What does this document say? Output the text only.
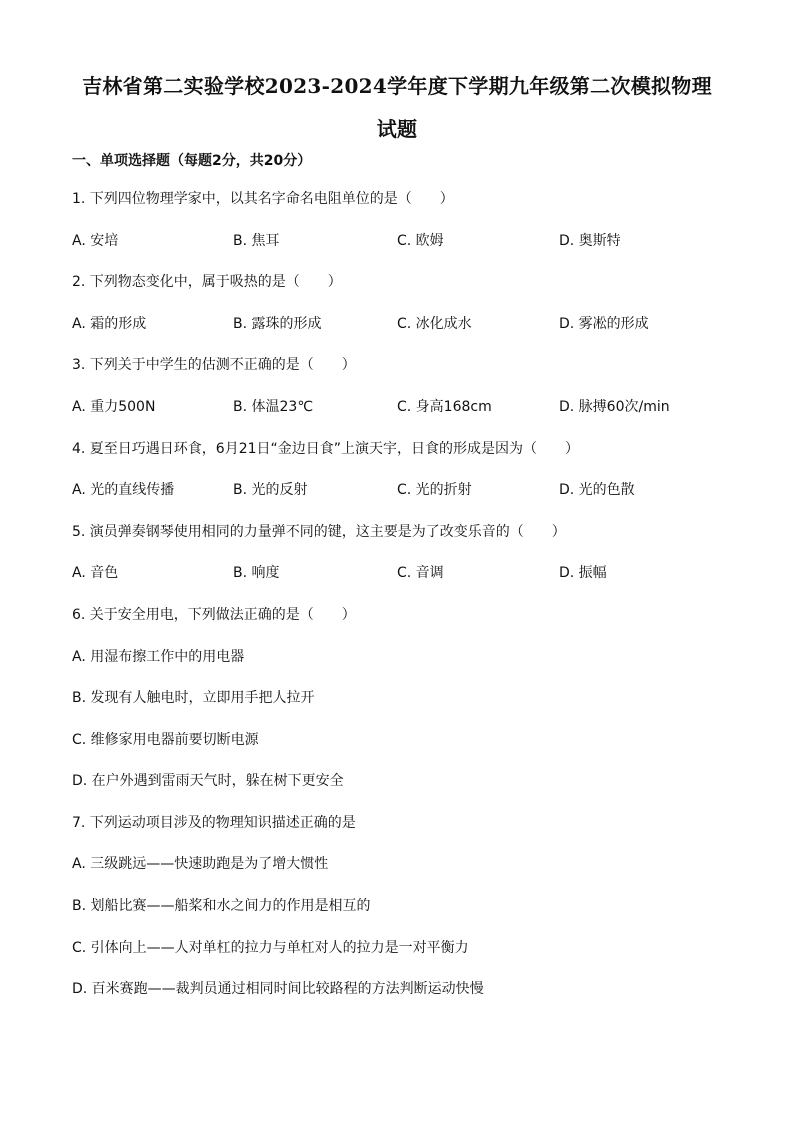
吉林省第二实验学校2023-2024学年度下学期九年级第二次模拟物理
试题
一、单项选择题（每题2分，共20分）
1. 下列四位物理学家中，以其名字命名电阻单位的是（　　）
A. 安培	B. 焦耳	C. 欧姆	D. 奥斯特
2. 下列物态变化中，属于吸热的是（　　）
A. 霜的形成	B. 露珠的形成	C. 冰化成水	D. 雾凇的形成
3. 下列关于中学生的估测不正确的是（　　）
A. 重力500N	B. 体温23℃	C. 身高168cm	D. 脉搏60次/min
4. 夏至日巧遇日环食，6月21日“金边日食”上演天宇，日食的形成是因为（　　）
A. 光的直线传播	B. 光的反射	C. 光的折射	D. 光的色散
5. 演员弹奏钢琴使用相同的力量弹不同的键，这主要是为了改变乐音的（　　）
A. 音色	B. 响度	C. 音调	D. 振幅
6. 关于安全用电，下列做法正确的是（　　）
A. 用湿布擦工作中的用电器
B. 发现有人触电时，立即用手把人拉开
C. 维修家用电器前要切断电源
D. 在户外遇到雷雨天气时，躲在树下更安全
7. 下列运动项目涉及的物理知识描述正确的是
A. 三级跳远——快速助跑是为了增大惯性
B. 划船比赛——船桨和水之间力的作用是相互的
C. 引体向上——人对单杠的拉力与单杠对人的拉力是一对平衡力
D. 百米赛跑——裁判员通过相同时间比较路程的方法判断运动快慢
